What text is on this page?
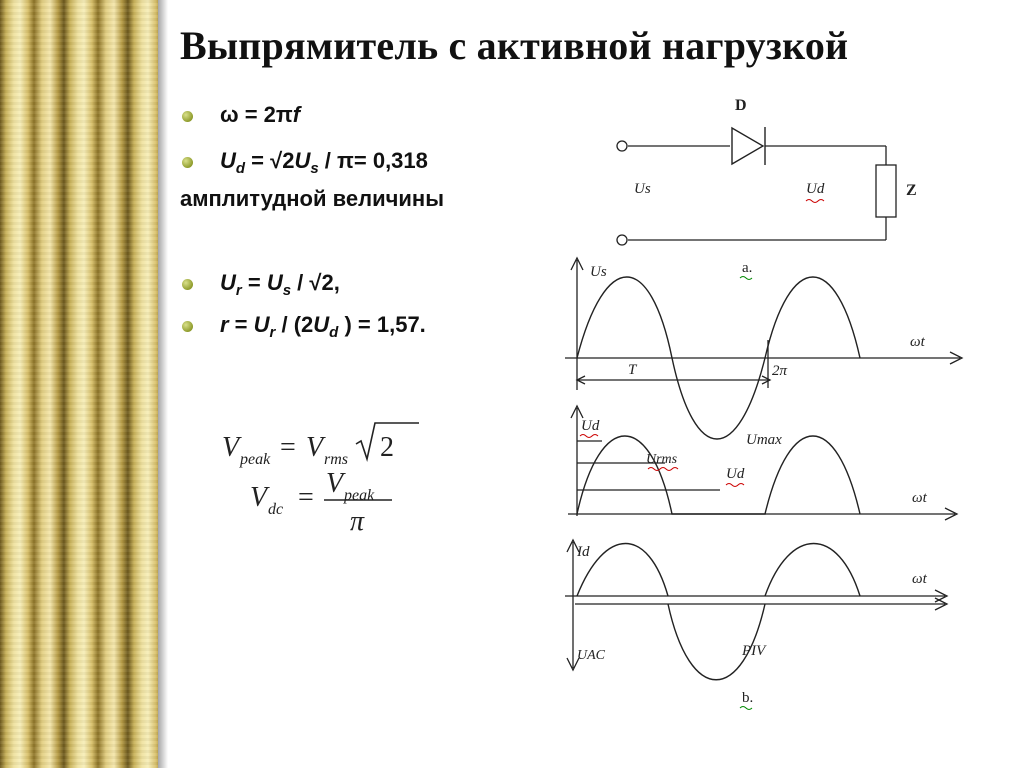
Выпрямитель с активной нагрузкой
ω = 2πf
$U_d = √2U_s / \pi= 0,318$
амплитудной величины
$U_r = U_s / √2$,
$r = U_r / (2U_d$ ) = 1,57.
V peak = V rms 2
V dc = V peak
π
D
Z
Us	Ud
a.
Us
ωt
T	2π
Ud
Umax
Urms
Ud
ωt
Id
ωt
UAC	PIV
b.
